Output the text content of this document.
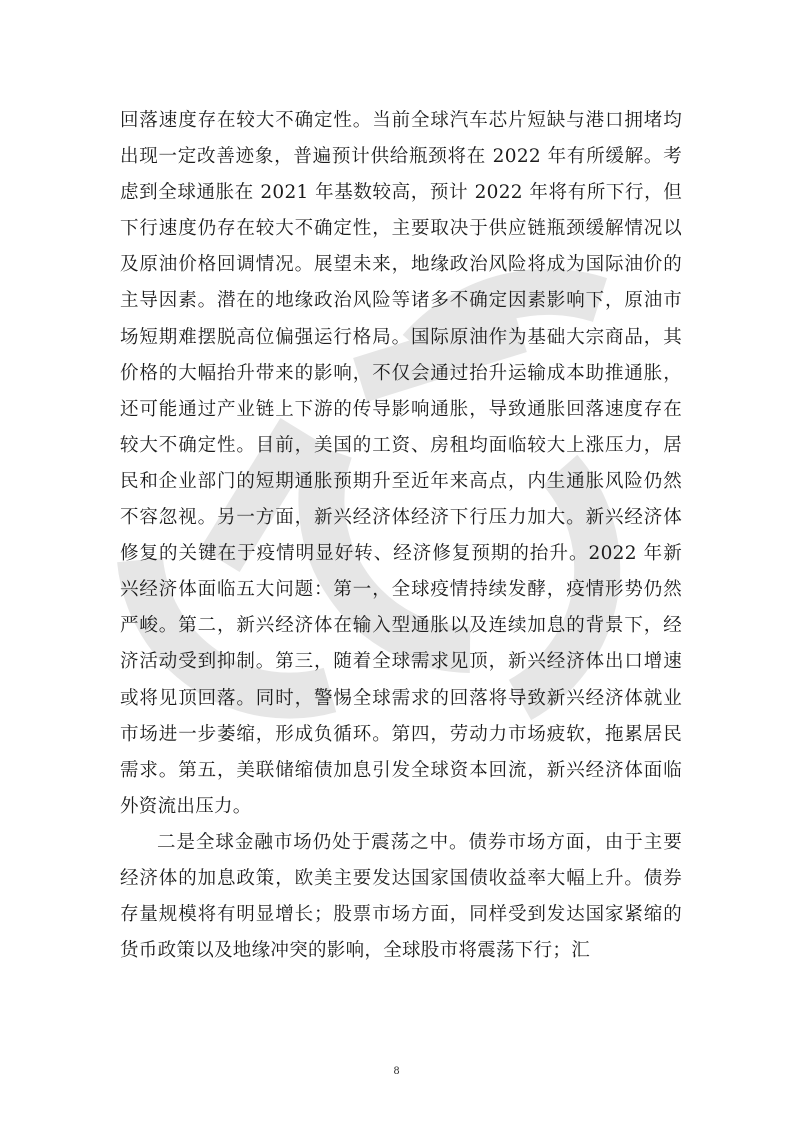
回落速度存在较大不确定性。当前全球汽车芯片短缺与港口拥堵均出现一定改善迹象，普遍预计供给瓶颈将在 2022 年有所缓解。考虑到全球通胀在 2021 年基数较高，预计 2022 年将有所下行，但下行速度仍存在较大不确定性，主要取决于供应链瓶颈缓解情况以及原油价格回调情况。展望未来，地缘政治风险将成为国际油价的主导因素。潜在的地缘政治风险等诸多不确定因素影响下，原油市场短期难摆脱高位偏强运行格局。国际原油作为基础大宗商品，其价格的大幅抬升带来的影响，不仅会通过抬升运输成本助推通胀，还可能通过产业链上下游的传导影响通胀，导致通胀回落速度存在较大不确定性。目前，美国的工资、房租均面临较大上涨压力，居民和企业部门的短期通胀预期升至近年来高点，内生通胀风险仍然不容忽视。另一方面，新兴经济体经济下行压力加大。新兴经济体修复的关键在于疫情明显好转、经济修复预期的抬升。2022 年新兴经济体面临五大问题：第一，全球疫情持续发酵，疫情形势仍然严峻。第二，新兴经济体在输入型通胀以及连续加息的背景下，经济活动受到抑制。第三，随着全球需求见顶，新兴经济体出口增速或将见顶回落。同时，警惕全球需求的回落将导致新兴经济体就业市场进一步萎缩，形成负循环。第四，劳动力市场疲软，拖累居民需求。第五，美联储缩债加息引发全球资本回流，新兴经济体面临外资流出压力。

二是全球金融市场仍处于震荡之中。债券市场方面，由于主要经济体的加息政策，欧美主要发达国家国债收益率大幅上升。债券存量规模将有明显增长；股票市场方面，同样受到发达国家紧缩的货币政策以及地缘冲突的影响，全球股市将震荡下行；汇

8
